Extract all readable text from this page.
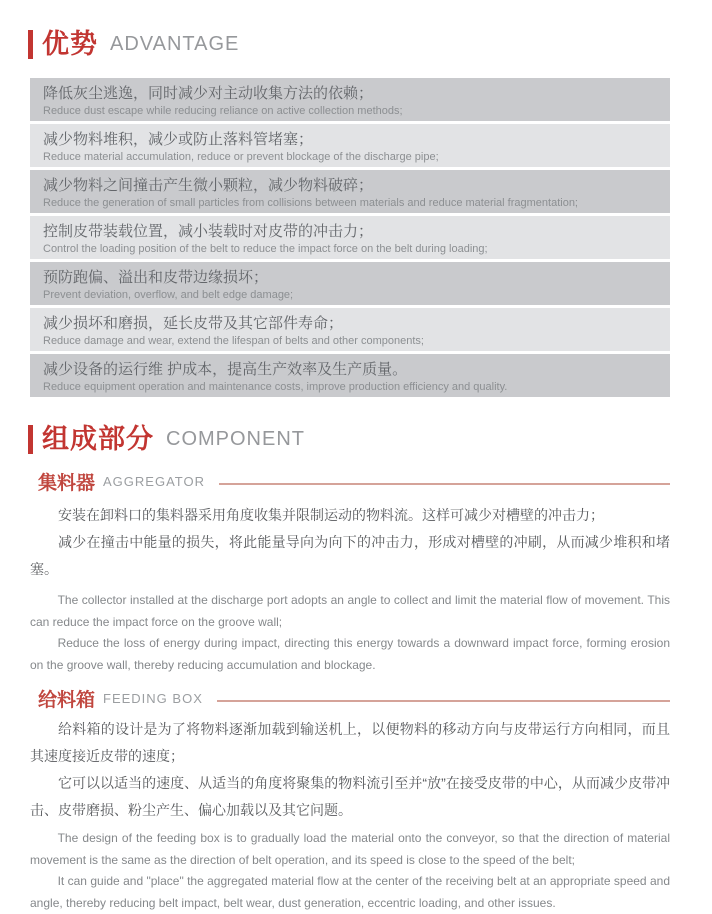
优势 ADVANTAGE
降低灰尘逃逸，同时减少对主动收集方法的依赖；
Reduce dust escape while reducing reliance on active collection methods;
减少物料堆积，减少或防止落料管堵塞；
Reduce material accumulation, reduce or prevent blockage of the discharge pipe;
减少物料之间撞击产生微小颗粒，减少物料破碎；
Reduce the generation of small particles from collisions between materials and reduce material fragmentation;
控制皮带装载位置，减小装载时对皮带的冲击力；
Control the loading position of the belt to reduce the impact force on the belt during loading;
预防跑偏、溢出和皮带边缘损坏；
Prevent deviation, overflow, and belt edge damage;
减少损坏和磨损，延长皮带及其它部件寿命；
Reduce damage and wear, extend the lifespan of belts and other components;
减少设备的运行维 护成本，提高生产效率及生产质量。
Reduce equipment operation and maintenance costs, improve production efficiency and quality.
组成部分 COMPONENT
集料器 AGGREGATOR

安装在卸料口的集料器采用角度收集并限制运动的物料流。这样可减少对槽壁的冲击力；

减少在撞击中能量的损失，将此能量导向为向下的冲击力，形成对槽壁的冲刷，从而减少堆积和堵塞。

The collector installed at the discharge port adopts an angle to collect and limit the material flow of movement. This can reduce the impact force on the groove wall;

Reduce the loss of energy during impact, directing this energy towards a downward impact force, forming erosion on the groove wall, thereby reducing accumulation and blockage.

给料箱 FEEDING BOX

给料箱的设计是为了将物料逐渐加载到输送机上，以便物料的移动方向与皮带运行方向相同，而且其速度接近皮带的速度；

它可以以适当的速度、从适当的角度将聚集的物料流引至并“放”在接受皮带的中心，从而减少皮带冲击、皮带磨损、粉尘产生、偏心加载以及其它问题。

The design of the feeding box is to gradually load the material onto the conveyor, so that the direction of material movement is the same as the direction of belt operation, and its speed is close to the speed of the belt;

It can guide and "place" the aggregated material flow at the center of the receiving belt at an appropriate speed and angle, thereby reducing belt impact, belt wear, dust generation, eccentric loading, and other issues.
